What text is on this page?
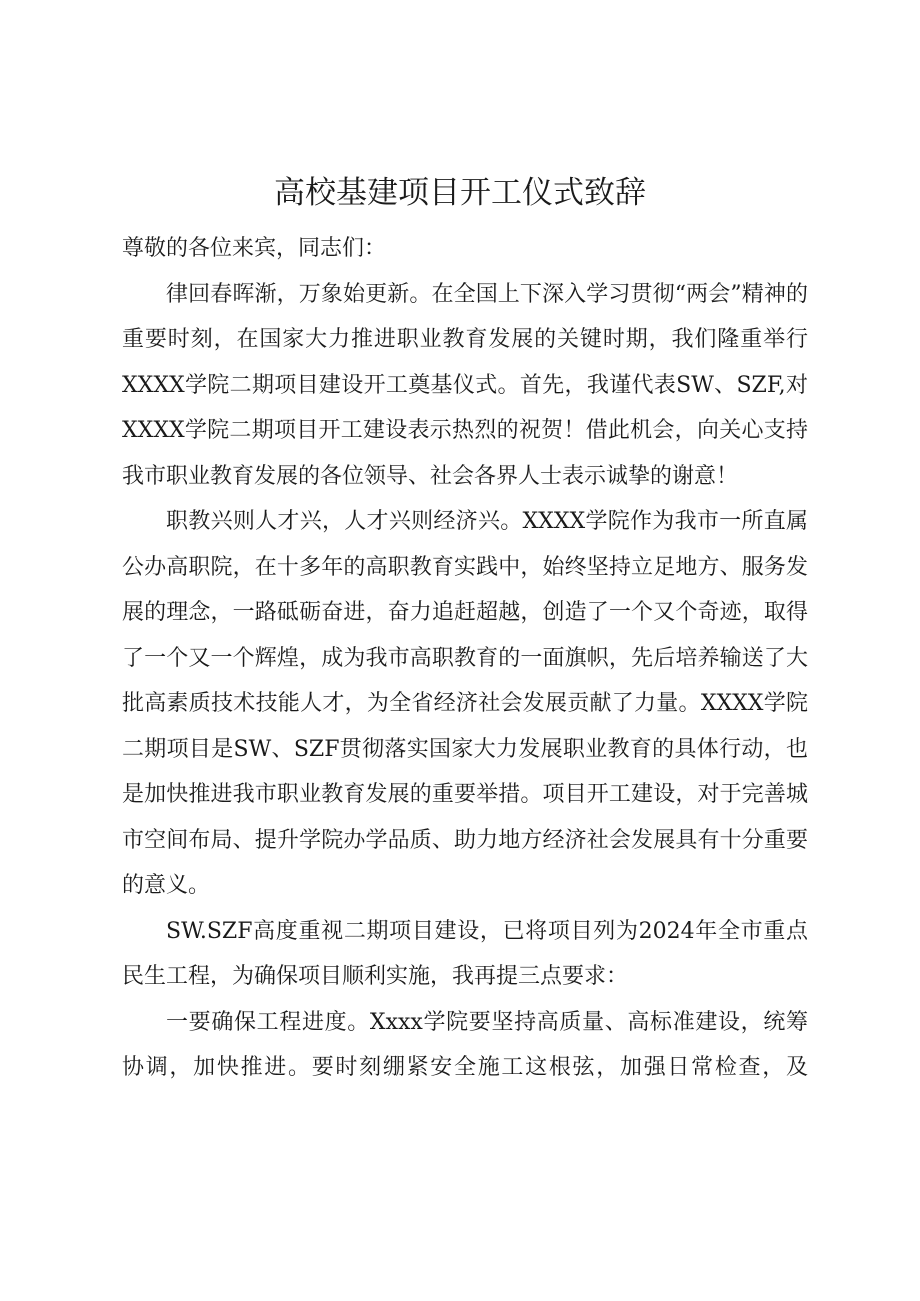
高校基建项目开工仪式致辞

尊敬的各位来宾，同志们：

律回春晖渐，万象始更新。在全国上下深入学习贯彻“两会”精神的重要时刻，在国家大力推进职业教育发展的关键时期，我们隆重举行XXXX学院二期项目建设开工奠基仪式。首先，我谨代表SW、SZF,对XXXX学院二期项目开工建设表示热烈的祝贺！借此机会，向关心支持我市职业教育发展的各位领导、社会各界人士表示诚挚的谢意！

职教兴则人才兴，人才兴则经济兴。XXXX学院作为我市一所直属公办高职院，在十多年的高职教育实践中，始终坚持立足地方、服务发展的理念，一路砥砺奋进，奋力追赶超越，创造了一个又个奇迹，取得了一个又一个辉煌，成为我市高职教育的一面旗帜，先后培养输送了大批高素质技术技能人才，为全省经济社会发展贡献了力量。XXXX学院二期项目是SW、SZF贯彻落实国家大力发展职业教育的具体行动，也是加快推进我市职业教育发展的重要举措。项目开工建设，对于完善城市空间布局、提升学院办学品质、助力地方经济社会发展具有十分重要的意义。

SW.SZF高度重视二期项目建设，已将项目列为2024年全市重点民生工程，为确保项目顺利实施，我再提三点要求：

一要确保工程进度。Xxxx学院要坚持高质量、高标准建设，统筹协调，加快推进。要时刻绷紧安全施工这根弦，加强日常检查，及
